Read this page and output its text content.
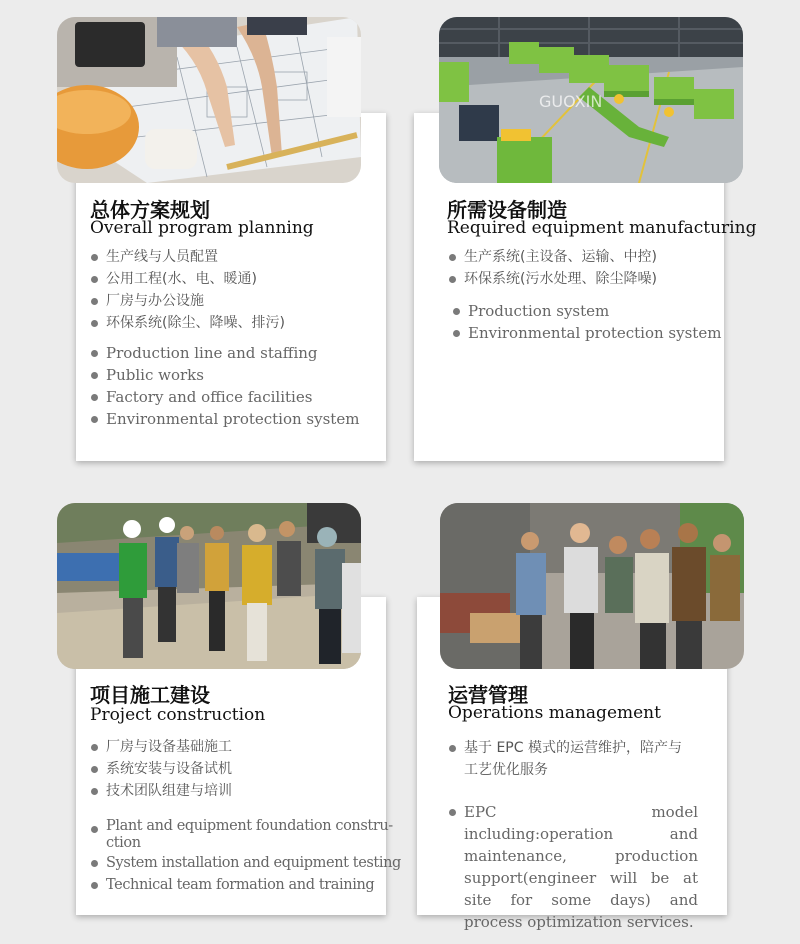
总体方案规划
Overall program planning
生产线与人员配置
公用工程(水、电、暖通)
厂房与办公设施
环保系统(除尘、降噪、排污)
Production line and staffing
Public works
Factory and office facilities
Environmental protection system
GUOXIN
所需设备制造
Required equipment manufacturing
生产系统(主设备、运输、中控)
环保系统(污水处理、除尘降噪)
Production system
Environmental protection system
项目施工建设
Project construction
厂房与设备基础施工
系统安装与设备试机
技术团队组建与培训
Plant and equipment foundation constru-
ction
System installation and equipment testing
Technical team formation and training
运营管理
Operations management
基于 EPC 模式的运营维护，陪产与
工艺优化服务
EPC model including:operation and maintenance, production support(engineer will be at site for some days) and process optimization services.
